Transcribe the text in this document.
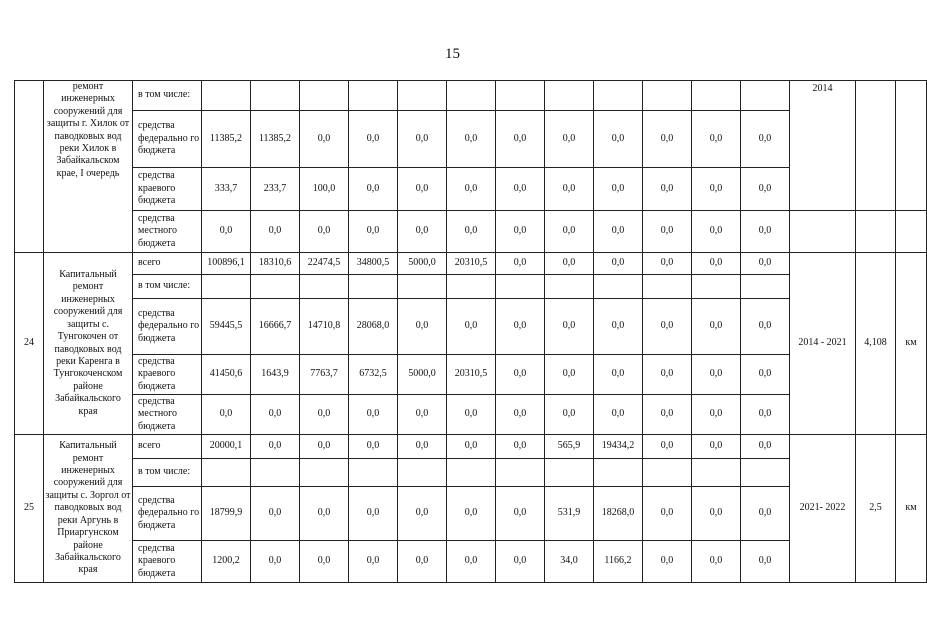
15
	ремонт инженерных сооружений для защиты г. Хилок от паводковых вод реки Хилок в Забайкальском крае, I очередь	в том числе:													2014		
		средства федерально го бюджета	11385,2	11385,2	0,0	0,0	0,0	0,0	0,0	0,0	0,0	0,0	0,0	0,0			
		средства краевого бюджета	333,7	233,7	100,0	0,0	0,0	0,0	0,0	0,0	0,0	0,0	0,0	0,0			
		средства местного бюджета	0,0	0,0	0,0	0,0	0,0	0,0	0,0	0,0	0,0	0,0	0,0	0,0			
24	Капитальный ремонт инженерных сооружений для защиты с. Тунгокочен от паводковых вод реки Каренга в Тунгокоченском районе Забайкальского края	всего	100896,1	18310,6	22474,5	34800,5	5000,0	20310,5	0,0	0,0	0,0	0,0	0,0	0,0	2014 - 2021	4,108	км
		в том числе:															
		средства федерально го бюджета	59445,5	16666,7	14710,8	28068,0	0,0	0,0	0,0	0,0	0,0	0,0	0,0	0,0			
		средства краевого бюджета	41450,6	1643,9	7763,7	6732,5	5000,0	20310,5	0,0	0,0	0,0	0,0	0,0	0,0			
		средства местного бюджета	0,0	0,0	0,0	0,0	0,0	0,0	0,0	0,0	0,0	0,0	0,0	0,0			
25	Капитальный ремонт инженерных сооружений для защиты с. Зоргол от паводковых вод реки Аргунь в Приаргунском районе Забайкальского края	всего	20000,1	0,0	0,0	0,0	0,0	0,0	0,0	565,9	19434,2	0,0	0,0	0,0	2021- 2022	2,5	км
		в том числе:															
		средства федерально го бюджета	18799,9	0,0	0,0	0,0	0,0	0,0	0,0	531,9	18268,0	0,0	0,0	0,0			
		средства краевого бюджета	1200,2	0,0	0,0	0,0	0,0	0,0	0,0	34,0	1166,2	0,0	0,0	0,0			
